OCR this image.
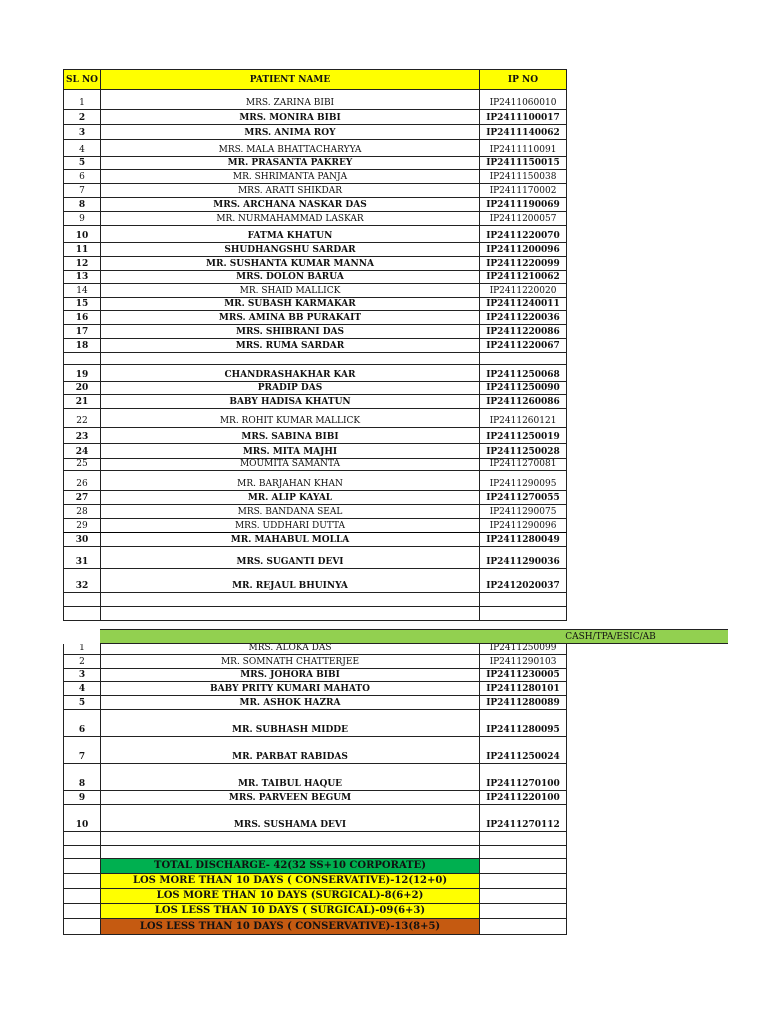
SL NO	PATIENT NAME	IP NO
1	MRS. ZARINA BIBI	IP2411060010
2	MRS. MONIRA BIBI	IP2411100017
3	MRS. ANIMA ROY	IP2411140062
4	MRS. MALA BHATTACHARYYA	IP2411110091
5	MR. PRASANTA PAKREY	IP2411150015
6	MR. SHRIMANTA PANJA	IP2411150038
7	MRS. ARATI SHIKDAR	IP2411170002
8	MRS. ARCHANA NASKAR DAS	IP2411190069
9	MR. NURMAHAMMAD LASKAR	IP2411200057
10	FATMA KHATUN	IP2411220070
11	SHUDHANGSHU SARDAR	IP2411200096
12	MR. SUSHANTA KUMAR MANNA	IP2411220099
13	MRS. DOLON BARUA	IP2411210062
14	MR. SHAID MALLICK	IP2411220020
15	MR. SUBASH KARMAKAR	IP2411240011
16	MRS. AMINA BB PURAKAIT	IP2411220036
17	MRS. SHIBRANI DAS	IP2411220086
18	MRS. RUMA SARDAR	IP2411220067
19	CHANDRASHAKHAR KAR	IP2411250068
20	PRADIP DAS	IP2411250090
21	BABY HADISA KHATUN	IP2411260086
22	MR. ROHIT KUMAR MALLICK	IP2411260121
23	MRS. SABINA BIBI	IP2411250019
24	MRS. MITA MAJHI	IP2411250028
25	MOUMITA SAMANTA	IP2411270081
26	MR. BARJAHAN KHAN	IP2411290095
27	MR. ALIP KAYAL	IP2411270055
28	MRS. BANDANA SEAL	IP2411290075
29	MRS. UDDHARI DUTTA	IP2411290096
30	MR. MAHABUL MOLLA	IP2411280049
31	MRS. SUGANTI DEVI	IP2411290036
32	MR. REJAUL BHUINYA	IP2412020037
CASH/TPA/ESIC/AB
1	MRS. ALOKA DAS	IP2411250099
2	MR. SOMNATH CHATTERJEE	IP2411290103
3	MRS. JOHORA BIBI	IP2411230005
4	BABY PRITY KUMARI MAHATO	IP2411280101
5	MR. ASHOK HAZRA	IP2411280089
6	MR. SUBHASH MIDDE	IP2411280095
7	MR. PARBAT RABIDAS	IP2411250024
8	MR. TAIBUL HAQUE	IP2411270100
9	MRS. PARVEEN BEGUM	IP2411220100
10	MRS. SUSHAMA DEVI	IP2411270112
TOTAL DISCHARGE- 42(32 SS+10 CORPORATE)
LOS MORE THAN 10 DAYS ( CONSERVATIVE)-12(12+0)
LOS MORE THAN 10 DAYS (SURGICAL)-8(6+2)
LOS LESS THAN 10 DAYS ( SURGICAL)-09(6+3)
LOS LESS THAN 10 DAYS ( CONSERVATIVE)-13(8+5)
